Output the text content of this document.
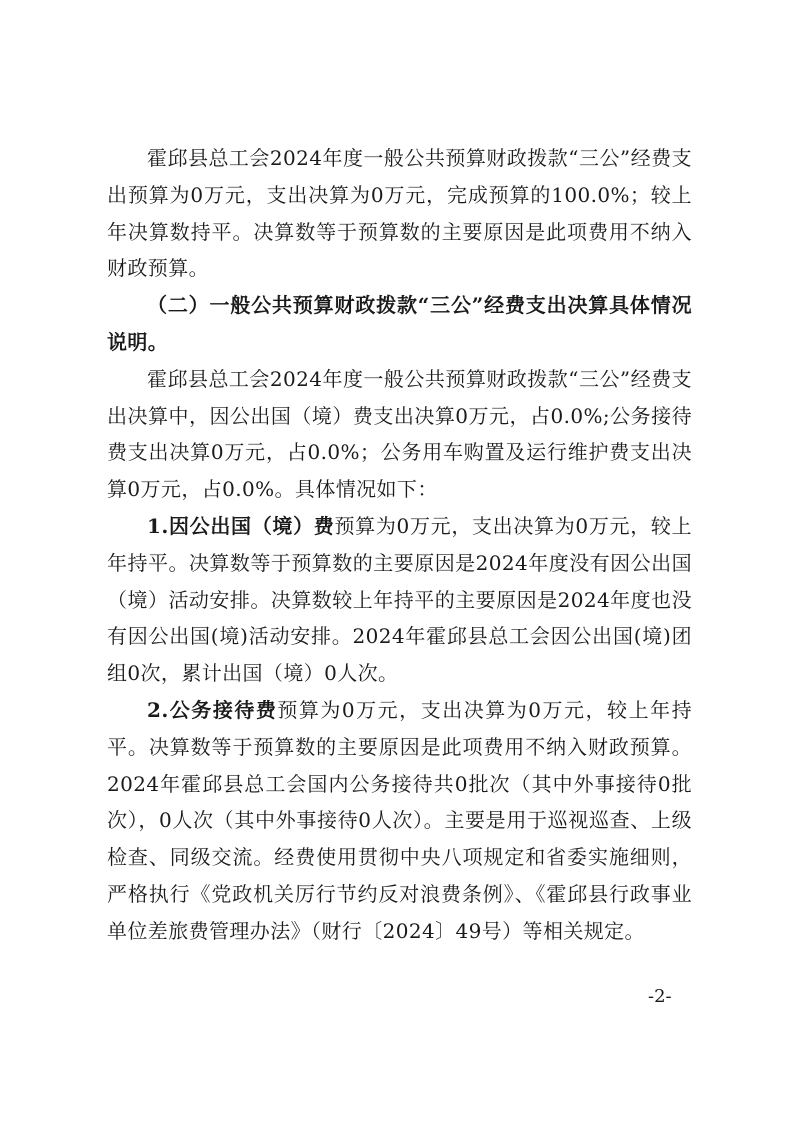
霍邱县总工会2024年度一般公共预算财政拨款“三公”经费支出预算为0万元，支出决算为0万元，完成预算的100.0%；较上年决算数持平。决算数等于预算数的主要原因是此项费用不纳入财政预算。

（二）一般公共预算财政拨款“三公”经费支出决算具体情况说明。

霍邱县总工会2024年度一般公共预算财政拨款“三公”经费支出决算中，因公出国（境）费支出决算0万元，占0.0%;公务接待费支出决算0万元，占0.0%；公务用车购置及运行维护费支出决算0万元，占0.0%。具体情况如下：

1.因公出国（境）费预算为0万元，支出决算为0万元，较上年持平。决算数等于预算数的主要原因是2024年度没有因公出国（境）活动安排。决算数较上年持平的主要原因是2024年度也没有因公出国(境)活动安排。2024年霍邱县总工会因公出国(境)团组0次，累计出国（境）0人次。

2.公务接待费预算为0万元，支出决算为0万元，较上年持平。决算数等于预算数的主要原因是此项费用不纳入财政预算。2024年霍邱县总工会国内公务接待共0批次（其中外事接待0批次），0人次（其中外事接待0人次）。主要是用于巡视巡查、上级检查、同级交流。经费使用贯彻中央八项规定和省委实施细则，严格执行《党政机关厉行节约反对浪费条例》、《霍邱县行政事业单位差旅费管理办法》（财行〔2024〕49号）等相关规定。

-2-
